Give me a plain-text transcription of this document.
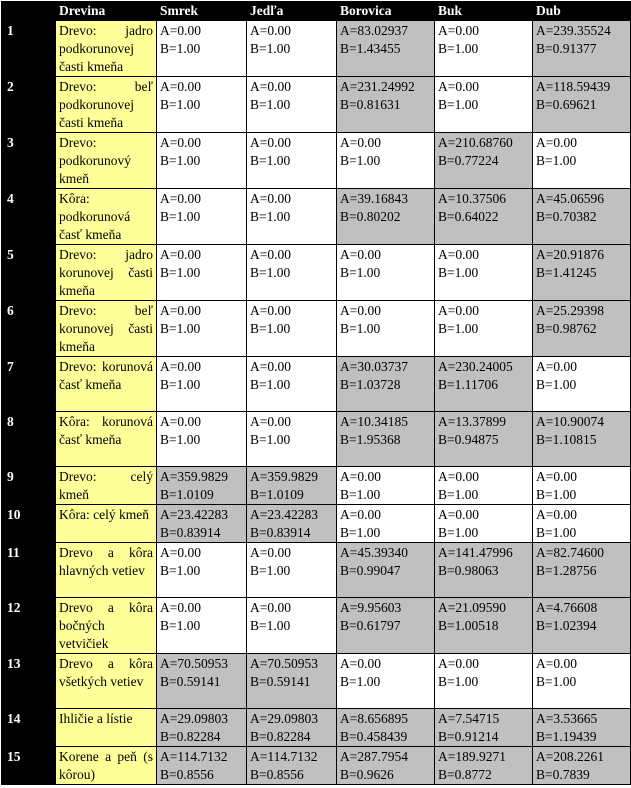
	Drevina	Smrek	Jedľa	Borovica	Buk	Dub
1	Drevo: jadro podkorunovej časti kmeňa	A=0.00
B=1.00	A=0.00
B=1.00	A=83.02937
B=1.43455	A=0.00
B=1.00	A=239.35524
B=0.91377

2	Drevo: beľ podkorunovej časti kmeňa	A=0.00
B=1.00	A=0.00
B=1.00	A=231.24992
B=0.81631	A=0.00
B=1.00	A=118.59439
B=0.69621

3	Drevo: podkorunový kmeň	A=0.00
B=1.00	A=0.00
B=1.00	A=0.00
B=1.00	A=210.68760
B=0.77224	A=0.00
B=1.00

4	Kôra: podkorunová časť kmeňa	A=0.00
B=1.00	A=0.00
B=1.00	A=39.16843
B=0.80202	A=10.37506
B=0.64022	A=45.06596
B=0.70382

5	Drevo: jadro korunovej časti kmeňa	A=0.00
B=1.00	A=0.00
B=1.00	A=0.00
B=1.00	A=0.00
B=1.00	A=20.91876
B=1.41245

6	Drevo: beľ korunovej časti kmeňa	A=0.00
B=1.00	A=0.00
B=1.00	A=0.00
B=1.00	A=0.00
B=1.00	A=25.29398
B=0.98762

7	Drevo: korunová časť kmeňa	A=0.00
B=1.00	A=0.00
B=1.00	A=30.03737
B=1.03728	A=230.24005
B=1.11706	A=0.00
B=1.00

8	Kôra: korunová časť kmeňa	A=0.00
B=1.00	A=0.00
B=1.00	A=10.34185
B=1.95368	A=13.37899
B=0.94875	A=10.90074
B=1.10815

9	Drevo: celý kmeň	A=359.9829
B=1.0109	A=359.9829
B=1.0109	A=0.00
B=1.00	A=0.00
B=1.00	A=0.00
B=1.00

10	Kôra: celý kmeň	A=23.42283
B=0.83914	A=23.42283
B=0.83914	A=0.00
B=1.00	A=0.00
B=1.00	A=0.00
B=1.00

11	Drevo a kôra hlavných vetiev	A=0.00
B=1.00	A=0.00
B=1.00	A=45.39340
B=0.99047	A=141.47996
B=0.98063	A=82.74600
B=1.28756

12	Drevo a kôra bočných vetvičiek	A=0.00
B=1.00	A=0.00
B=1.00	A=9.95603
B=0.61797	A=21.09590
B=1.00518	A=4.76608
B=1.02394

13	Drevo a kôra všetkých vetiev	A=70.50953
B=0.59141	A=70.50953
B=0.59141	A=0.00
B=1.00	A=0.00
B=1.00	A=0.00
B=1.00

14	Ihličie a lístie	A=29.09803
B=0.82284	A=29.09803
B=0.82284	A=8.656895
B=0.458439	A=7.54715
B=0.91214	A=3.53665
B=1.19439

15	Korene a peň (s kôrou)	A=114.7132
B=0.8556	A=114.7132
B=0.8556	A=287.7954
B=0.9626	A=189.9271
B=0.8772	A=208.2261
B=0.7839
